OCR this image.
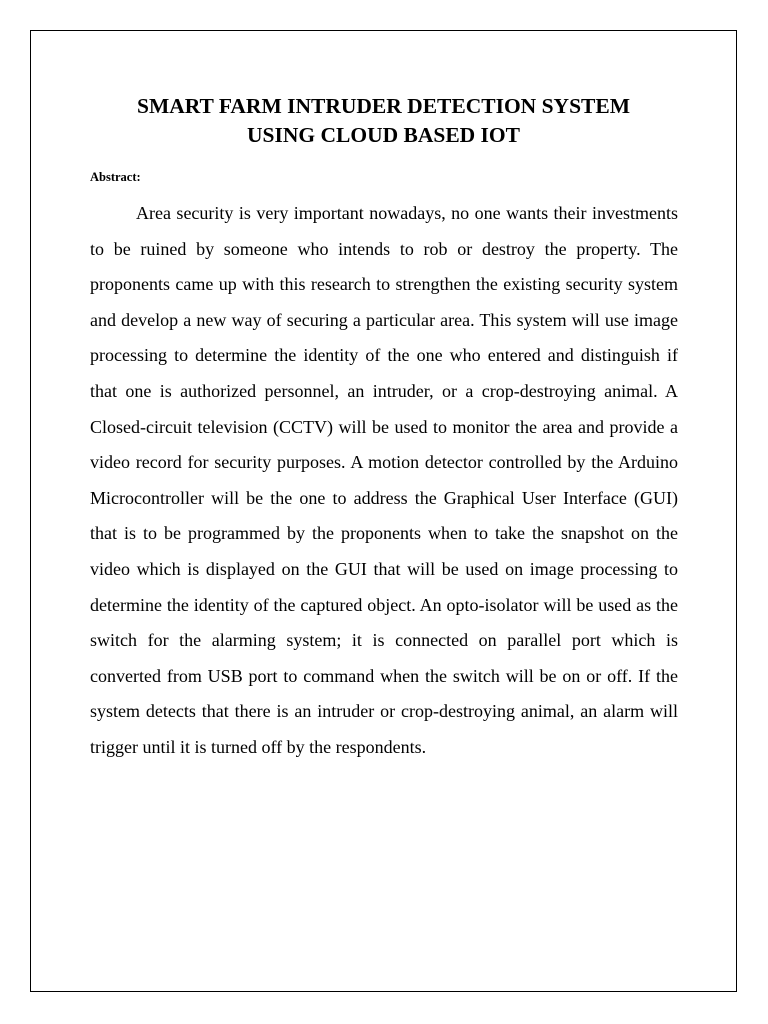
SMART FARM INTRUDER DETECTION SYSTEM
USING CLOUD BASED IOT

Abstract:

Area security is very important nowadays, no one wants their investments to be ruined by someone who intends to rob or destroy the property. The proponents came up with this research to strengthen the existing security system and develop a new way of securing a particular area. This system will use image processing to determine the identity of the one who entered and distinguish if that one is authorized personnel, an intruder, or a crop-destroying animal. A Closed-circuit television (CCTV) will be used to monitor the area and provide a video record for security purposes. A motion detector controlled by the Arduino Microcontroller will be the one to address the Graphical User Interface (GUI) that is to be programmed by the proponents when to take the snapshot on the video which is displayed on the GUI that will be used on image processing to determine the identity of the captured object. An opto-isolator will be used as the switch for the alarming system; it is connected on parallel port which is converted from USB port to command when the switch will be on or off. If the system detects that there is an intruder or crop-destroying animal, an alarm will trigger until it is turned off by the respondents.
